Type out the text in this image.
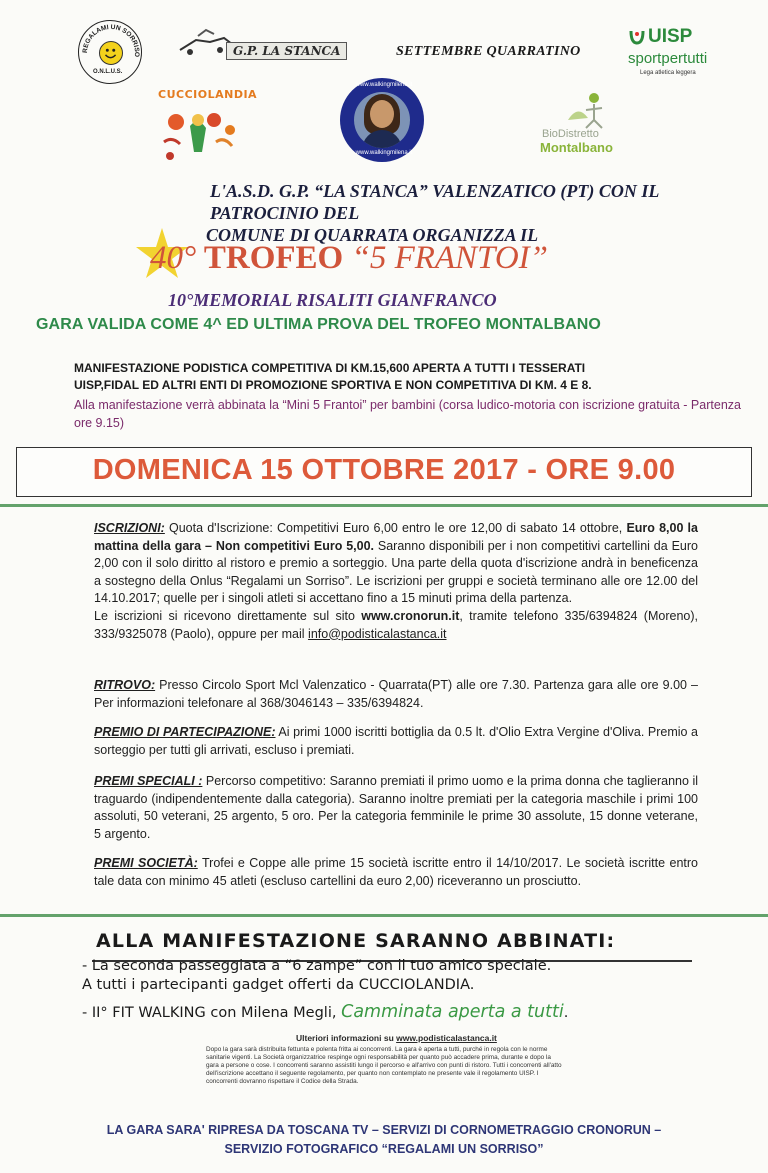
REGALAMI UN SORRISO
O.N.L.U.S.
G.P. LA STANCA	SETTEMBRE QUARRATINO
UISP
sportpertutti
Lega atletica leggera
CUCCIOLANDIA
www.walkingmilena.it
www.walkingmilena.it
BioDistretto
Montalbano
L'A.S.D. G.P. “LA STANCA” VALENZATICO (PT) CON IL PATROCINIO DEL
COMUNE DI QUARRATA ORGANIZZA IL
40° TROFEO “5 FRANTOI”
10°MEMORIAL RISALITI GIANFRANCO
GARA VALIDA COME 4^ ED ULTIMA PROVA DEL TROFEO MONTALBANO
MANIFESTAZIONE PODISTICA COMPETITIVA DI KM.15,600 APERTA A TUTTI I TESSERATI
UISP,FIDAL ED ALTRI ENTI DI PROMOZIONE SPORTIVA E NON COMPETITIVA DI KM. 4 E 8.
Alla manifestazione verrà abbinata la “Mini 5 Frantoi” per bambini (corsa ludico-motoria con iscrizione gratuita - Partenza ore 9.15)
DOMENICA 15 OTTOBRE 2017 - ORE 9.00
ISCRIZIONI: Quota d'Iscrizione: Competitivi Euro 6,00 entro le ore 12,00 di sabato 14 ottobre, Euro 8,00 la mattina della gara – Non competitivi Euro 5,00. Saranno disponibili per i non competitivi cartellini da Euro 2,00 con il solo diritto al ristoro e premio a sorteggio. Una parte della quota d'iscrizione andrà in beneficenza a sostegno della Onlus “Regalami un Sorriso”. Le iscrizioni per gruppi e società terminano alle ore 12.00 del 14.10.2017; quelle per i singoli atleti si accettano fino a 15 minuti prima della partenza.
Le iscrizioni si ricevono direttamente sul sito www.cronorun.it, tramite telefono 335/6394824 (Moreno), 333/9325078 (Paolo), oppure per mail info@podisticalastanca.it
RITROVO: Presso Circolo Sport Mcl Valenzatico - Quarrata(PT) alle ore 7.30. Partenza gara alle ore 9.00 – Per informazioni telefonare al 368/3046143 – 335/6394824.
PREMIO DI PARTECIPAZIONE: Ai primi 1000 iscritti bottiglia da 0.5 lt. d'Olio Extra Vergine d'Oliva. Premio a sorteggio per tutti gli arrivati, escluso i premiati.
PREMI SPECIALI : Percorso competitivo: Saranno premiati il primo uomo e la prima donna che taglieranno il traguardo (indipendentemente dalla categoria). Saranno inoltre premiati per la categoria maschile i primi 100 assoluti, 50 veterani, 25 argento, 5 oro. Per la categoria femminile le prime 30 assolute, 15 donne veterane, 5 argento.
PREMI SOCIETÀ: Trofei e Coppe alle prime 15 società iscritte entro il 14/10/2017. Le società iscritte entro tale data con minimo 45 atleti (escluso cartellini da euro 2,00) riceveranno un prosciutto.
ALLA MANIFESTAZIONE SARANNO ABBINATI:
- La seconda passeggiata a “6 zampe” con il tuo amico speciale.
A tutti i partecipanti gadget offerti da CUCCIOLANDIA.
- II° FIT WALKING con Milena Megli, Camminata aperta a tutti.
Ulteriori informazioni su www.podisticalastanca.it
Dopo la gara sarà distribuita fettunta e polenta fritta ai concorrenti. La gara è aperta a tutti, purché in regola con le norme sanitarie vigenti. La Società organizzatrice respinge ogni responsabilità per quanto può accadere prima, durante e dopo la gara a persone o cose. I concorrenti saranno assistiti lungo il percorso e all'arrivo con punti di ristoro. Tutti i concorrenti all'atto dell'iscrizione accettano il seguente regolamento, per quanto non contemplato ne presente vale il regolamento UISP. I concorrenti dovranno rispettare il Codice della Strada.
LA GARA SARA' RIPRESA DA TOSCANA TV – SERVIZI DI CORNOMETRAGGIO CRONORUN –
SERVIZIO FOTOGRAFICO “REGALAMI UN SORRISO”
